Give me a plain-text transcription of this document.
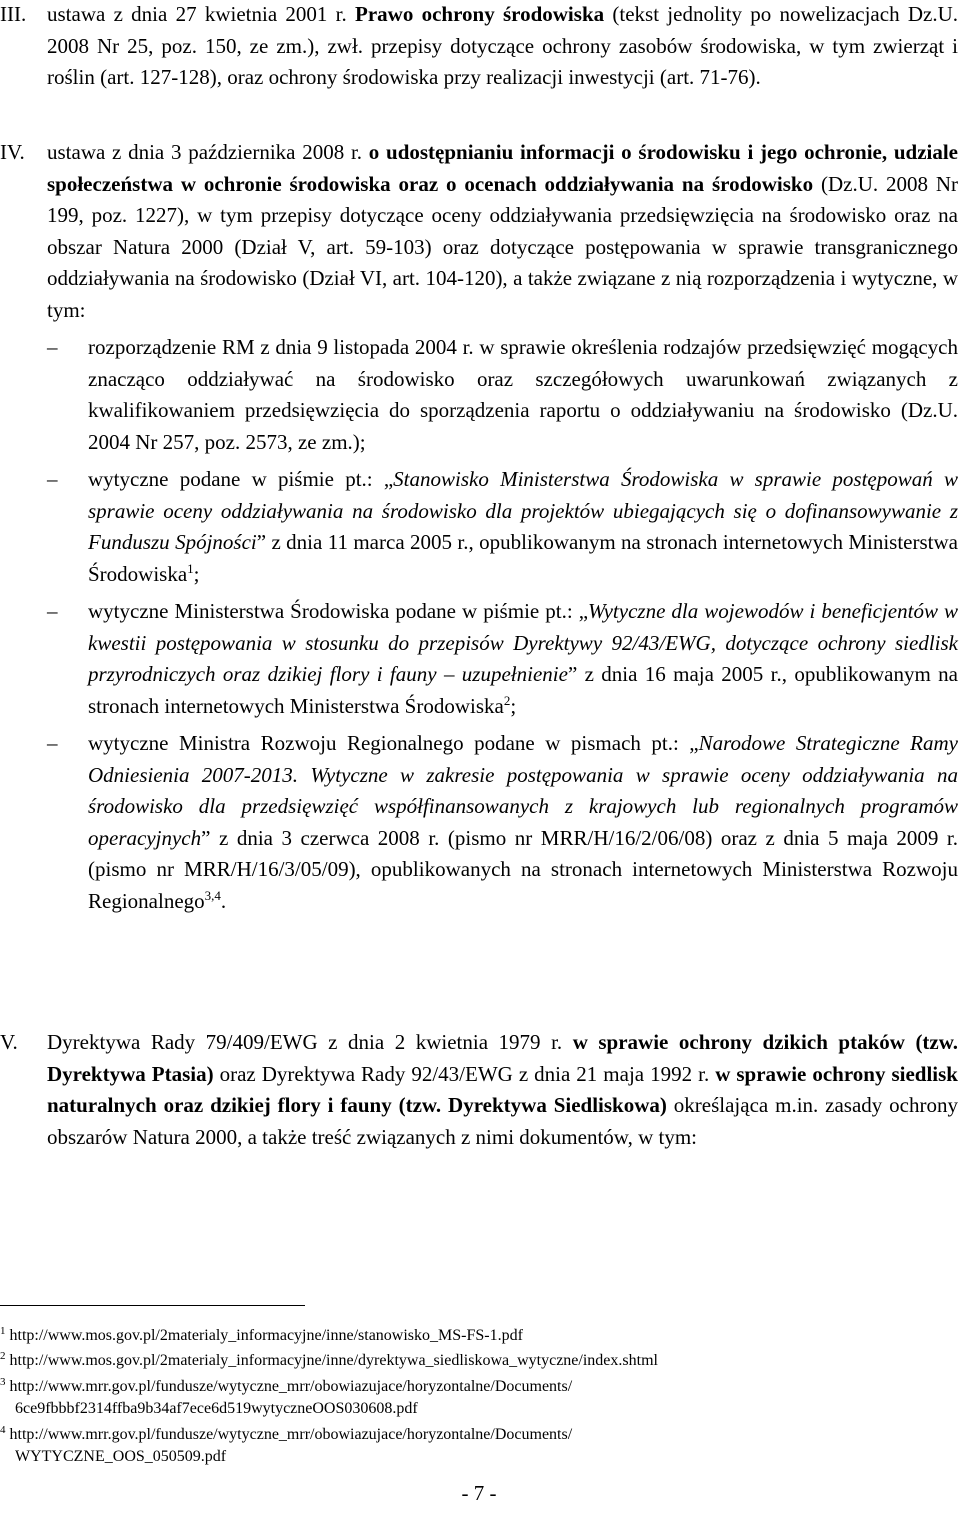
III. ustawa z dnia 27 kwietnia 2001 r. Prawo ochrony środowiska (tekst jednolity po nowelizacjach Dz.U. 2008 Nr 25, poz. 150, ze zm.), zwł. przepisy dotyczące ochrony zasobów środowiska, w tym zwierząt i roślin (art. 127-128), oraz ochrony środowiska przy realizacji inwestycji (art. 71-76).
IV. ustawa z dnia 3 października 2008 r. o udostępnianiu informacji o środowisku i jego ochronie, udziale społeczeństwa w ochronie środowiska oraz o ocenach oddziaływania na środowisko (Dz.U. 2008 Nr 199, poz. 1227), w tym przepisy dotyczące oceny oddziaływania przedsięwzięcia na środowisko oraz na obszar Natura 2000 (Dział V, art. 59-103) oraz dotyczące postępowania w sprawie transgranicznego oddziaływania na środowisko (Dział VI, art. 104-120), a także związane z nią rozporządzenia i wytyczne, w tym:
– rozporządzenie RM z dnia 9 listopada 2004 r. w sprawie określenia rodzajów przedsięwzięć mogących znacząco oddziaływać na środowisko oraz szczegółowych uwarunkowań związanych z kwalifikowaniem przedsięwzięcia do sporządzenia raportu o oddziaływaniu na środowisko (Dz.U. 2004 Nr 257, poz. 2573, ze zm.);
– wytyczne podane w piśmie pt.: „Stanowisko Ministerstwa Środowiska w sprawie postępowań w sprawie oceny oddziaływania na środowisko dla projektów ubiegających się o dofinansowywanie z Funduszu Spójności” z dnia 11 marca 2005 r., opublikowanym na stronach internetowych Ministerstwa Środowiska$^1$;
– wytyczne Ministerstwa Środowiska podane w piśmie pt.: „Wytyczne dla wojewodów i beneficjentów w kwestii postępowania w stosunku do przepisów Dyrektywy 92/43/EWG, dotyczące ochrony siedlisk przyrodniczych oraz dzikiej flory i fauny – uzupełnienie” z dnia 16 maja 2005 r., opublikowanym na stronach internetowych Ministerstwa Środowiska$^2$;
– wytyczne Ministra Rozwoju Regionalnego podane w pismach pt.: „Narodowe Strategiczne Ramy Odniesienia 2007-2013. Wytyczne w zakresie postępowania w sprawie oceny oddziaływania na środowisko dla przedsięwzięć współfinansowanych z krajowych lub regionalnych programów operacyjnych” z dnia 3 czerwca 2008 r. (pismo nr MRR/H/16/2/06/08) oraz z dnia 5 maja 2009 r. (pismo nr MRR/H/16/3/05/09), opublikowanych na stronach internetowych Ministerstwa Rozwoju Regionalnego$^{3,4}$.
V. Dyrektywa Rady 79/409/EWG z dnia 2 kwietnia 1979 r. w sprawie ochrony dzikich ptaków (tzw. Dyrektywa Ptasia) oraz Dyrektywa Rady 92/43/EWG z dnia 21 maja 1992 r. w sprawie ochrony siedlisk naturalnych oraz dzikiej flory i fauny (tzw. Dyrektywa Siedliskowa) określająca m.in. zasady ochrony obszarów Natura 2000, a także treść związanych z nimi dokumentów, w tym:
$^1$ http://www.mos.gov.pl/2materialy_informacyjne/inne/stanowisko_MS-FS-1.pdf
$^2$ http://www.mos.gov.pl/2materialy_informacyjne/inne/dyrektywa_siedliskowa_wytyczne/index.shtml
$^3$ http://www.mrr.gov.pl/fundusze/wytyczne_mrr/obowiazujace/horyzontalne/Documents/
6ce9fbbbf2314ffba9b34af7ece6d519wytyczneOOS030608.pdf
$^4$ http://www.mrr.gov.pl/fundusze/wytyczne_mrr/obowiazujace/horyzontalne/Documents/
WYTYCZNE_OOS_050509.pdf
- 7 -
